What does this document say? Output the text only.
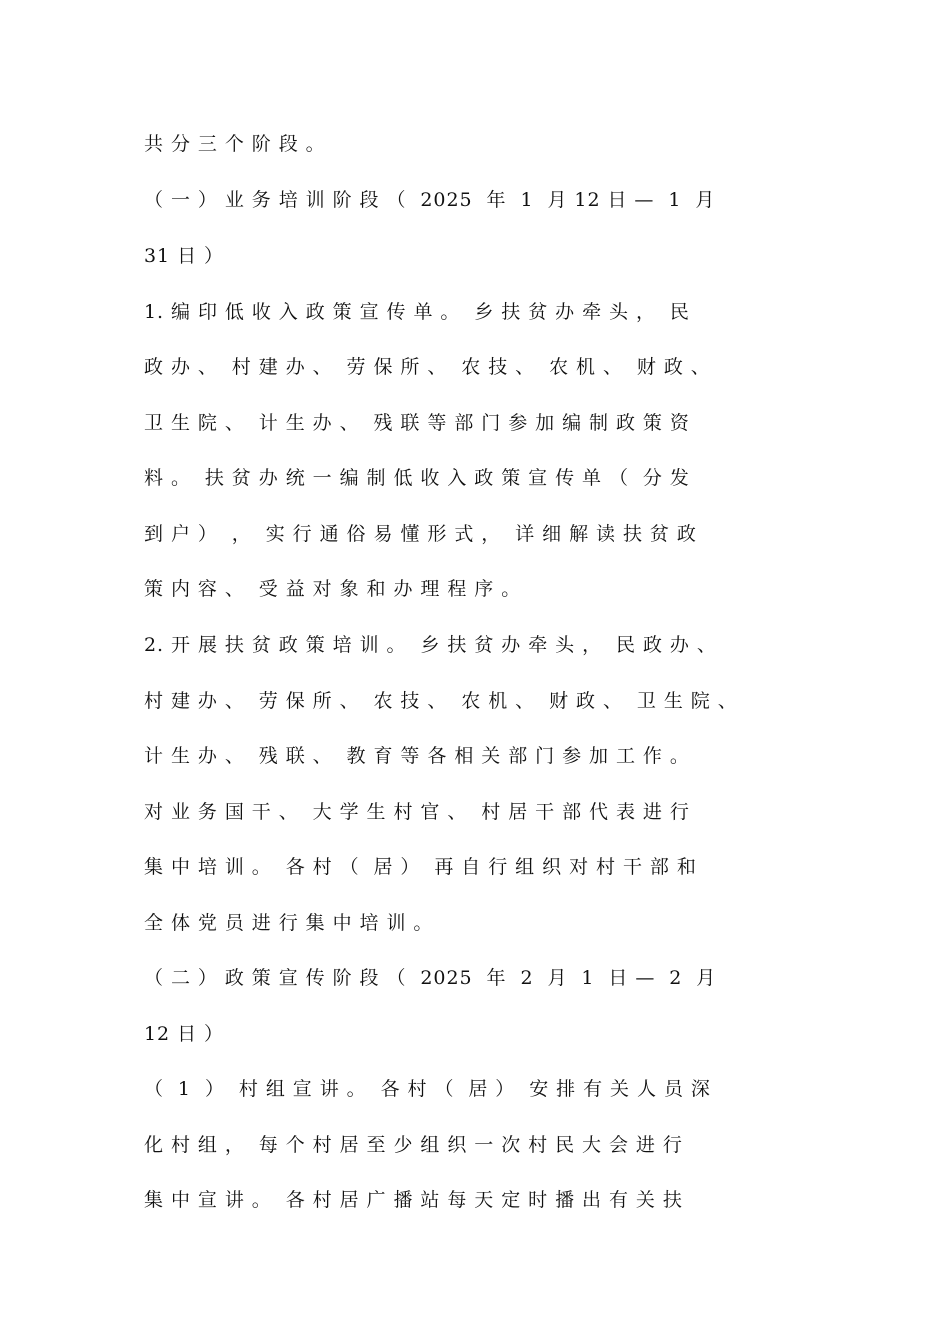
共 分 三 个 阶 段 。
（ 一 ） 业 务 培 训 阶 段 （  2025  年  1  月 12 日 —  1  月
31 日 ）
1. 编 印 低 收 入 政 策 宣 传 单 。  乡 扶 贫 办 牵 头 ，  民
政 办 、  村 建 办 、  劳 保 所 、  农 技 、  农 机 、  财 政 、
卫 生 院 、  计 生 办 、  残 联 等 部 门 参 加 编 制 政 策 资
料 。  扶 贫 办 统 一 编 制 低 收 入 政 策 宣 传 单 （  分 发
到 户 ）  ，  实 行 通 俗 易 懂 形 式 ，  详 细 解 读 扶 贫 政
策 内 容 、  受 益 对 象 和 办 理 程 序 。
2. 开 展 扶 贫 政 策 培 训 。  乡 扶 贫 办 牵 头 ，  民 政 办 、
村 建 办 、  劳 保 所 、  农 技 、  农 机 、  财 政 、  卫 生 院 、
计 生 办 、  残 联 、  教 育 等 各 相 关 部 门 参 加 工 作 。
对 业 务 国 干 、  大 学 生 村 官 、  村 居 干 部 代 表 进 行
集 中 培 训 。  各 村 （  居 ）  再 自 行 组 织 对 村 干 部 和
全 体 党 员 进 行 集 中 培 训 。
（ 二 ） 政 策 宣 传 阶 段 （  2025  年  2  月  1  日 —  2  月
12 日 ）
（  1  ）  村 组 宣 讲 。  各 村 （  居 ）  安 排 有 关 人 员 深
化 村 组 ，  每 个 村 居 至 少 组 织 一 次 村 民 大 会 进 行
集 中 宣 讲 。  各 村 居 广 播 站 每 天 定 时 播 出 有 关 扶
